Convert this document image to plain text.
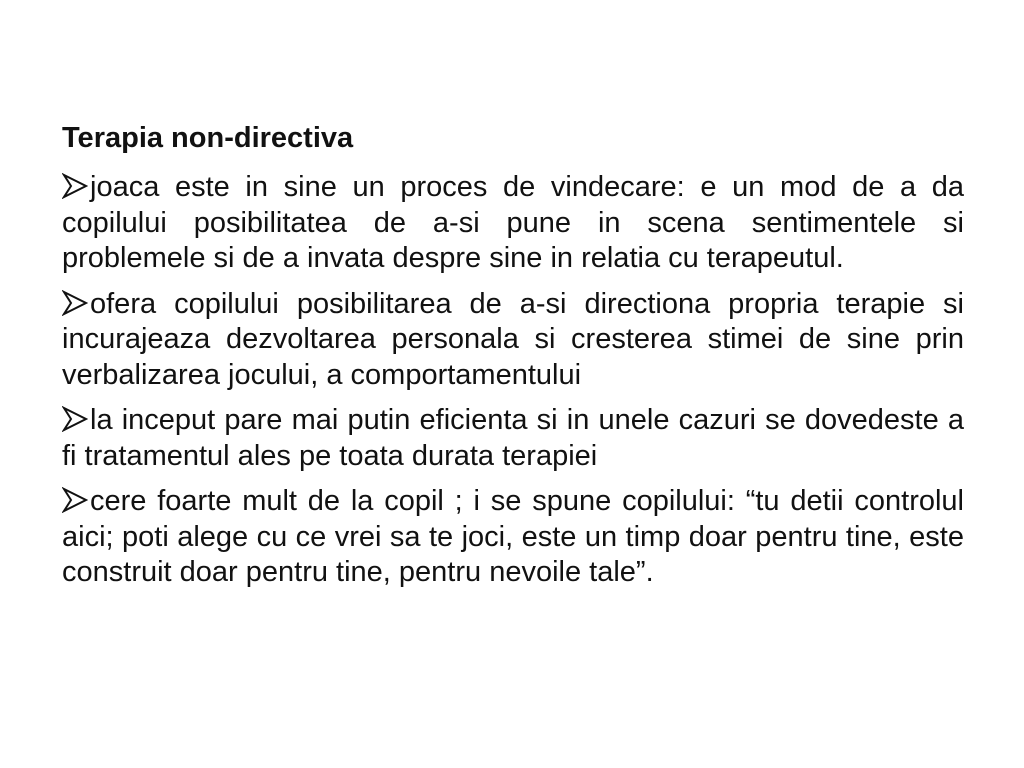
Terapia non-directiva
joaca este in sine un proces de vindecare: e un mod de a da copilului posibilitatea de a-si pune in scena sentimentele si problemele si de a invata despre sine in relatia cu terapeutul.
ofera copilului posibilitarea de a-si directiona propria terapie si incurajeaza dezvoltarea personala si cresterea stimei de sine prin verbalizarea jocului, a comportamentului
la inceput pare mai putin eficienta si in unele cazuri se dovedeste a fi tratamentul ales pe toata durata terapiei
cere foarte mult de la copil ; i se spune copilului: “tu detii controlul aici; poti alege cu ce vrei sa te joci, este un timp doar pentru tine, este construit doar pentru tine, pentru nevoile tale”.
